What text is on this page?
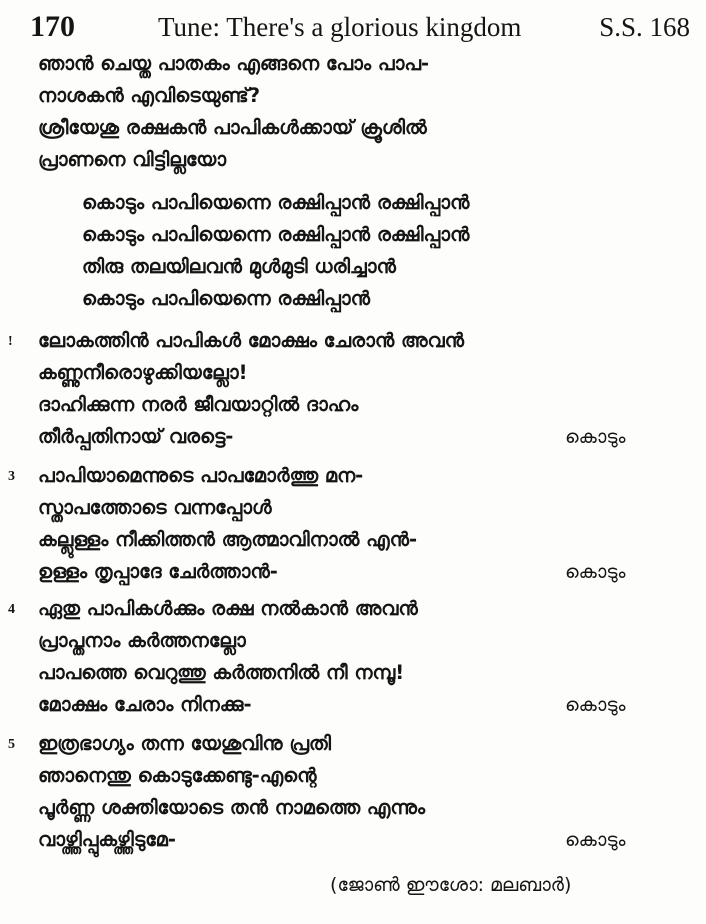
170	Tune: There's a glorious kingdom	S.S. 168
ഞാൻ ചെയ്ത പാതകം എങ്ങനെ പോം പാപ-
നാശകൻ എവിടെയുണ്ട്?
ശ്രീയേശു രക്ഷകൻ പാപികൾക്കായ് ക്രൂശിൽ
പ്രാണനെ വിട്ടില്ലയോ
കൊടും പാപിയെന്നെ രക്ഷിപ്പാൻ രക്ഷിപ്പാൻ
കൊടും പാപിയെന്നെ രക്ഷിപ്പാൻ രക്ഷിപ്പാൻ
തിരു തലയിലവൻ മുൾമുടി ധരിച്ചാൻ
കൊടും പാപിയെന്നെ രക്ഷിപ്പാൻ
! ലോകത്തിൻ പാപികൾ മോക്ഷം ചേരാൻ അവൻ
കണ്ണുനീരൊഴുക്കിയല്ലോ!
ദാഹിക്കുന്ന നരർ ജീവയാറ്റിൽ ദാഹം
തീർപ്പതിനായ് വരട്ടെ-	കൊടും
3 പാപിയാമെന്നുടെ പാപമോർത്തു മന-
സ്താപത്തോടെ വന്നപ്പോൾ
കല്ലുള്ളം നീക്കിത്തൻ ആത്മാവിനാൽ എൻ-
ഉള്ളം തൃപ്പാദേ ചേർത്താൻ-	കൊടും
4 ഏതു പാപികൾക്കും രക്ഷ നൽകാൻ അവൻ
പ്രാപ്തനാം കർത്തനല്ലോ
പാപത്തെ വെറുത്തു കർത്തനിൽ നീ നമ്പൂ!
മോക്ഷം ചേരാം നിനക്കു-	കൊടും
5 ഇത്രഭാഗ്യം തന്ന യേശുവിനു പ്രതി
ഞാനെന്തു കൊടുക്കേണ്ടു-എന്റെ
പൂർണ്ണ ശക്തിയോടെ തൻ നാമത്തെ എന്നും
വാഴ്ത്തിപ്പുകഴ്ത്തിടുമേ-	കൊടും
(ജോൺ ഈശോ: മലബാർ)
